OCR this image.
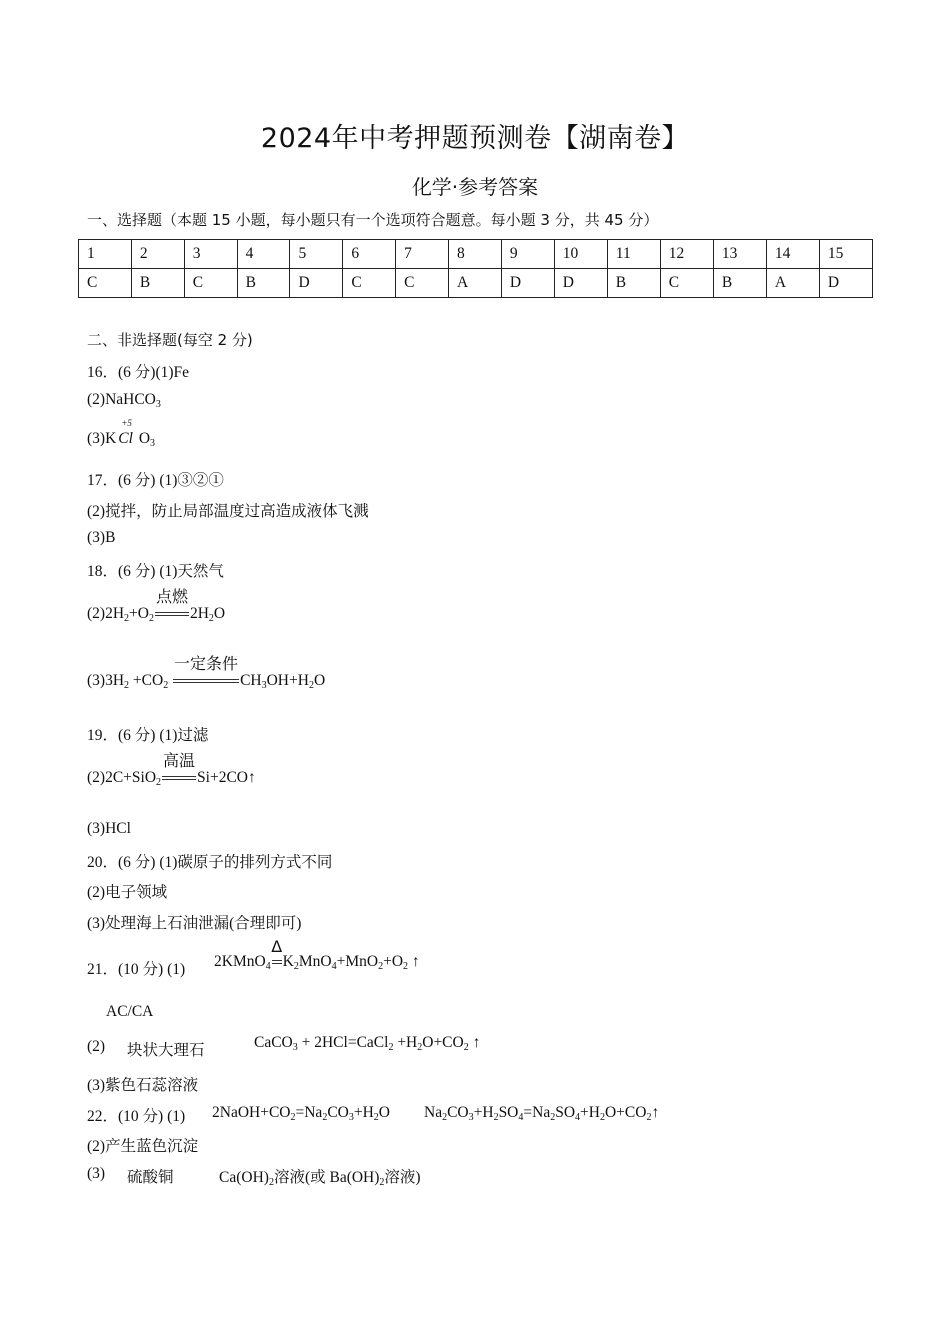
2024年中考押题预测卷【湖南卷】
化学·参考答案
一、选择题（本题 15 小题，每小题只有一个选项符合题意。每小题 3 分，共 45 分）
1	2	3	4	5	6	7	8	9	10	11	12	13	14	15
C	B	C	B	D	C	C	A	D	D	B	C	B	A	D
二、非选择题(每空 2 分)
16．(6 分)(1)Fe
(2)NaHCO$_3$
(3)K
+5
Cl $O_3$
17．(6 分) (1)③②①
(2)搅拌，防止局部温度过高造成液体飞溅
(3)B
18．(6 分) (1)天然气
$(2)2H_2+O_2$
点燃
$2H_2O$
$(3)3H_2 +CO_2$
一定条件
$CH_3OH+H_2O$
19．(6 分) (1)过滤
(2)2C+SiO$_2$
高温
Si+2CO↑
(3)HCl
20．(6 分) (1)碳原子的排列方式不同
(2)电子领域
(3)处理海上石油泄漏(合理即可)
21．(10 分) (1) 2KMnO$_4$
Δ
$K_2MnO_4+MnO_2+O_2$ ↑
AC/CA
(2) 块状大理石	CaCO$_3$ + 2HCl=CaCl$_2$ $+H_2O+CO_2$ ↑
(3)紫色石蕊溶液
22．(10 分) (1) $2NaOH+CO_2=Na_2CO_3+H_2O$ $Na_2CO_3+H_2SO_4=Na_2SO_4+H_2O+CO_2↑$
(2)产生蓝色沉淀
(3) 硫酸铜	$Ca(OH)_2$溶液(或 $Ba(OH)_2$溶液)
